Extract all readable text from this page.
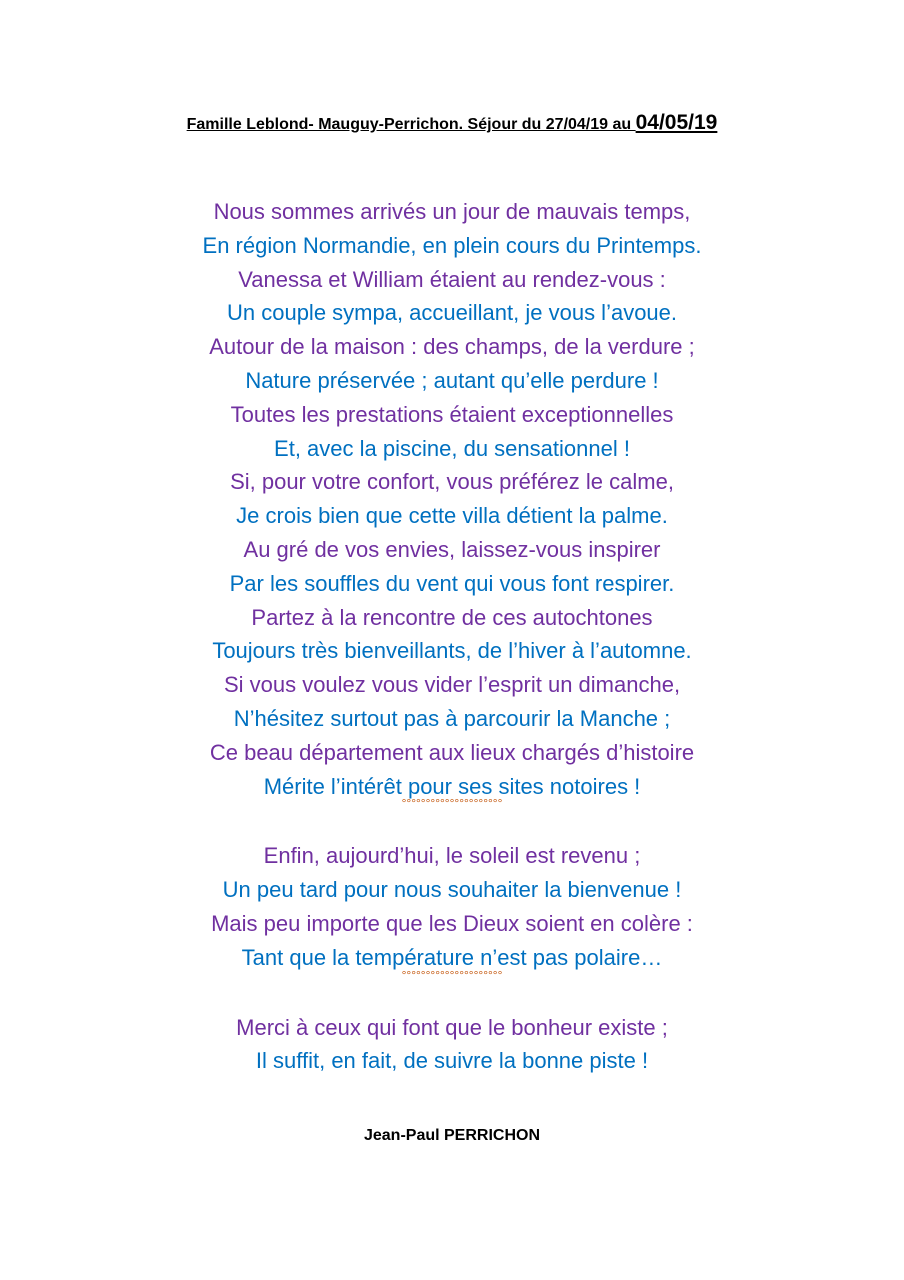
Famille Leblond- Mauguy-Perrichon. Séjour du 27/04/19 au 04/05/19
Nous sommes arrivés un jour de mauvais temps,
En région Normandie, en plein cours du Printemps.
Vanessa et William étaient au rendez-vous :
Un couple sympa, accueillant, je vous l’avoue.
Autour de la maison : des champs, de la verdure ;
Nature préservée ; autant qu’elle perdure !
Toutes les prestations étaient exceptionnelles
Et, avec la piscine, du sensationnel !
Si, pour votre confort, vous préférez le calme,
Je crois bien que cette villa détient la palme.
Au gré de vos envies, laissez-vous inspirer
Par les souffles du vent qui vous font respirer.
Partez à la rencontre de ces autochtones
Toujours très bienveillants, de l’hiver à l’automne.
Si vous voulez vous vider l’esprit un dimanche,
N’hésitez surtout pas à parcourir la Manche ;
Ce beau département aux lieux chargés d’histoire
Mérite l’intérêt pour ses sites notoires !
°°°°°°°°°°°°°°°°°°°°°
Enfin, aujourd’hui, le soleil est revenu ;
Un peu tard pour nous souhaiter la bienvenue !
Mais peu importe que les Dieux soient en colère :
Tant que la température n’est pas polaire…
°°°°°°°°°°°°°°°°°°°°°
Merci à ceux qui font que le bonheur existe ;
Il suffit, en fait, de suivre la bonne piste !
Jean-Paul PERRICHON
